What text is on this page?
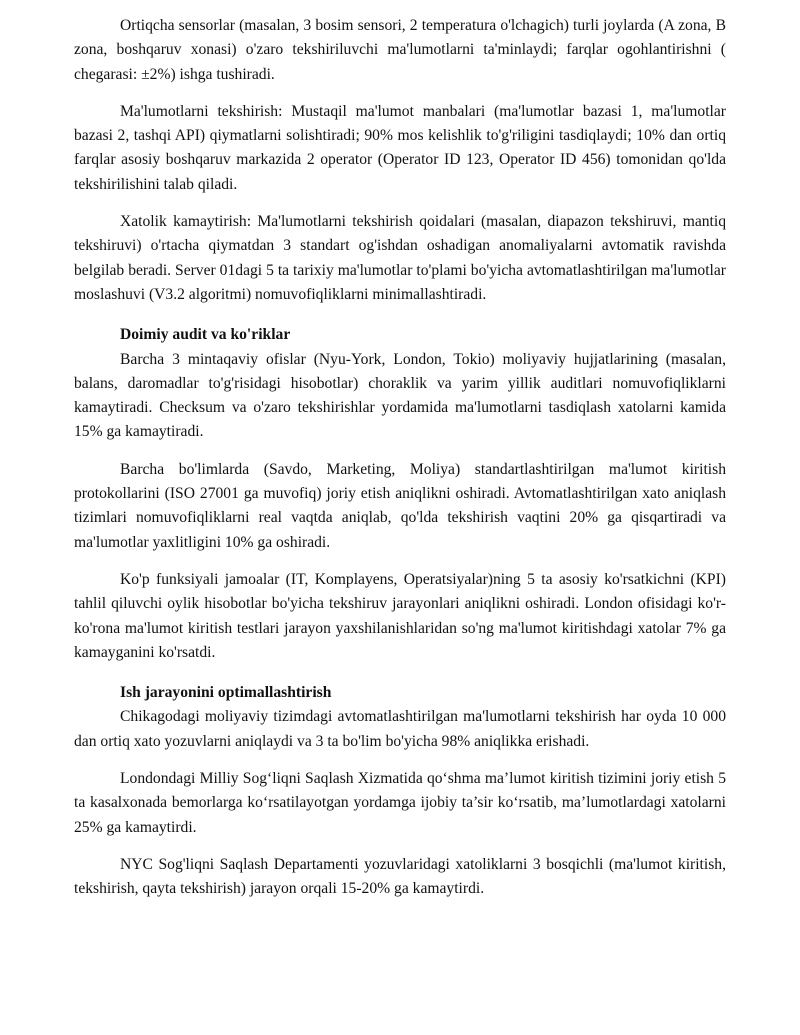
Ortiqcha sensorlar (masalan, 3 bosim sensori, 2 temperatura o'lchagich) turli joylarda (A zona, B zona, boshqaruv xonasi) o'zaro tekshiriluvchi ma'lumotlarni ta'minlaydi; farqlar ogohlantirishni ( chegarasi: ±2%) ishga tushiradi.

Ma'lumotlarni tekshirish: Mustaqil ma'lumot manbalari (ma'lumotlar bazasi 1, ma'lumotlar bazasi 2, tashqi API) qiymatlarni solishtiradi; 90% mos kelishlik to'g'riligini tasdiqlaydi; 10% dan ortiq farqlar asosiy boshqaruv markazida 2 operator (Operator ID 123, Operator ID 456) tomonidan qo'lda tekshirilishini talab qiladi.

Xatolik kamaytirish: Ma'lumotlarni tekshirish qoidalari (masalan, diapazon tekshiruvi, mantiq tekshiruvi) o'rtacha qiymatdan 3 standart og'ishdan oshadigan anomaliyalarni avtomatik ravishda belgilab beradi. Server 01dagi 5 ta tarixiy ma'lumotlar to'plami bo'yicha avtomatlashtirilgan ma'lumotlar moslashuvi (V3.2 algoritmi) nomuvofiqliklarni minimallashtiradi.

Doimiy audit va ko'riklar

Barcha 3 mintaqaviy ofislar (Nyu-York, London, Tokio) moliyaviy hujjatlarining (masalan, balans, daromadlar to'g'risidagi hisobotlar) choraklik va yarim yillik auditlari nomuvofiqliklarni kamaytiradi. Checksum va o'zaro tekshirishlar yordamida ma'lumotlarni tasdiqlash xatolarni kamida 15% ga kamaytiradi.

Barcha bo'limlarda (Savdo, Marketing, Moliya) standartlashtirilgan ma'lumot kiritish protokollarini (ISO 27001 ga muvofiq) joriy etish aniqlikni oshiradi. Avtomatlashtirilgan xato aniqlash tizimlari nomuvofiqliklarni real vaqtda aniqlab, qo'lda tekshirish vaqtini 20% ga qisqartiradi va ma'lumotlar yaxlitligini 10% ga oshiradi.

Ko'p funksiyali jamoalar (IT, Komplayens, Operatsiyalar)ning 5 ta asosiy ko'rsatkichni (KPI) tahlil qiluvchi oylik hisobotlar bo'yicha tekshiruv jarayonlari aniqlikni oshiradi. London ofisidagi ko'r-ko'rona ma'lumot kiritish testlari jarayon yaxshilanishlaridan so'ng ma'lumot kiritishdagi xatolar 7% ga kamayganini ko'rsatdi.

Ish jarayonini optimallashtirish

Chikagodagi moliyaviy tizimdagi avtomatlashtirilgan ma'lumotlarni tekshirish har oyda 10 000 dan ortiq xato yozuvlarni aniqlaydi va 3 ta bo'lim bo'yicha 98% aniqlikka erishadi.

Londondagi Milliy Sog‘liqni Saqlash Xizmatida qo‘shma ma’lumot kiritish tizimini joriy etish 5 ta kasalxonada bemorlarga ko‘rsatilayotgan yordamga ijobiy ta’sir ko‘rsatib, ma’lumotlardagi xatolarni 25% ga kamaytirdi.

NYC Sog'liqni Saqlash Departamenti yozuvlaridagi xatoliklarni 3 bosqichli (ma'lumot kiritish, tekshirish, qayta tekshirish) jarayon orqali 15-20% ga kamaytirdi.
